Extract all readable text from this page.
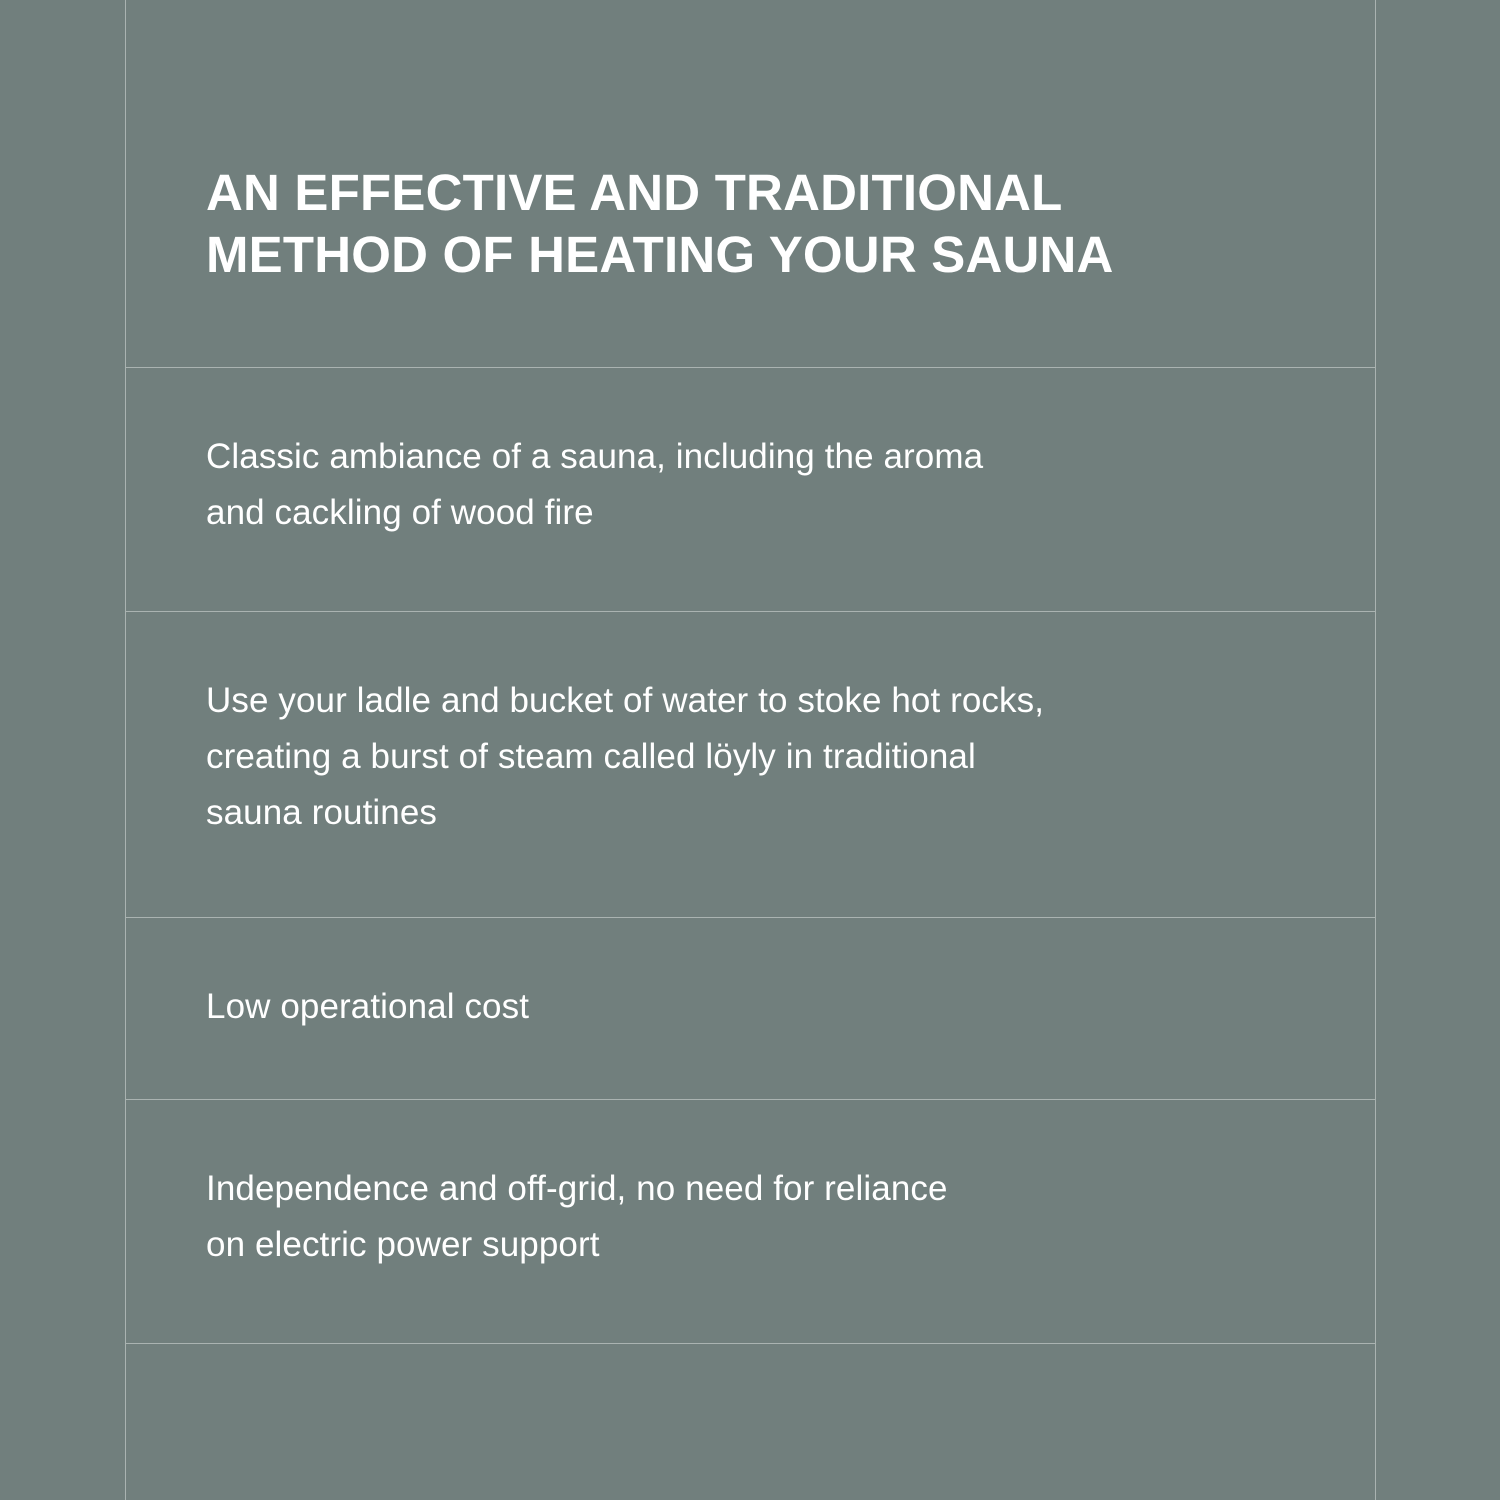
AN EFFECTIVE AND TRADITIONAL
METHOD OF HEATING YOUR SAUNA

Classic ambiance of a sauna, including the aroma
and cackling of wood fire

Use your ladle and bucket of water to stoke hot rocks,
creating a burst of steam called löyly in traditional
sauna routines

Low operational cost

Independence and off-grid, no need for reliance
on electric power support
